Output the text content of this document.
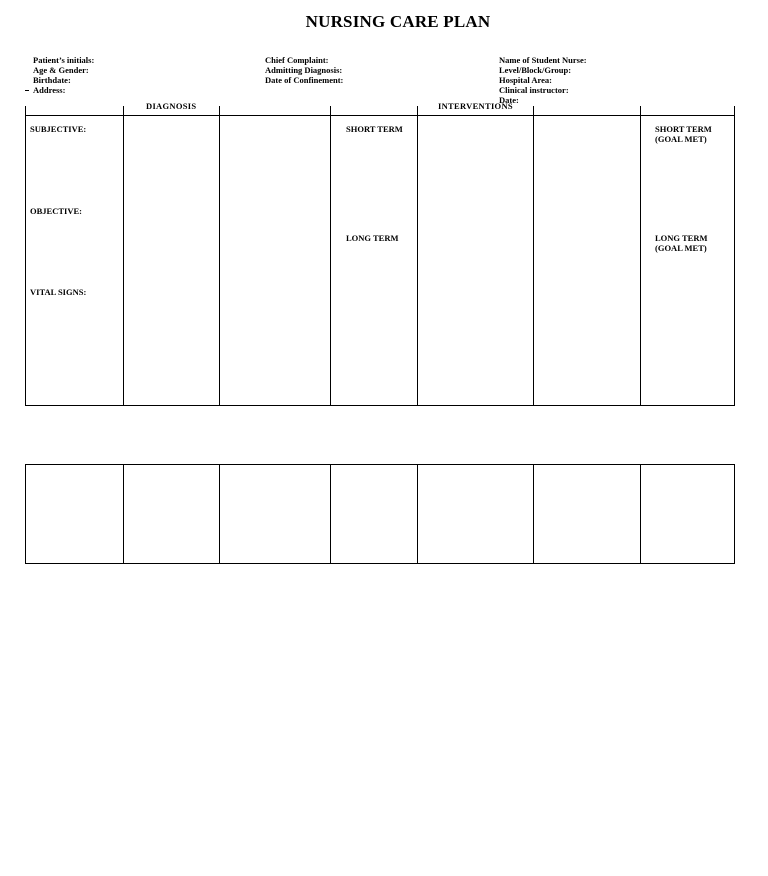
NURSING CARE PLAN
Patient’s initials:
Age & Gender:
Birthdate:
Address:
Chief Complaint:
Admitting Diagnosis:
Date of Confinement:
Name of Student Nurse:
Level/Block/Group:
Hospital Area:
Clinical instructor:
Date:
DIAGNOSIS	INTERVENTIONS
SUBJECTIVE:
OBJECTIVE:
VITAL SIGNS:
SHORT TERM
LONG TERM
SHORT TERM
(GOAL MET)
LONG TERM
(GOAL MET)
